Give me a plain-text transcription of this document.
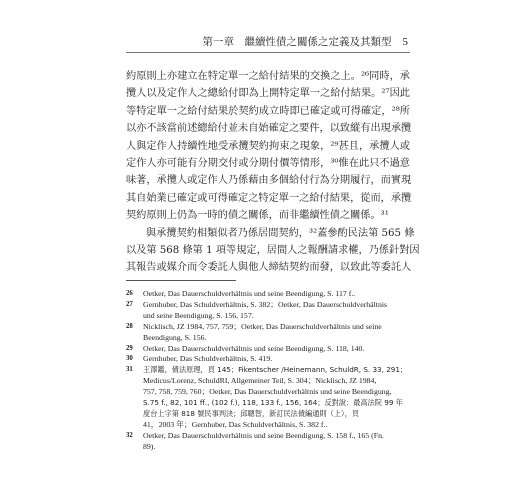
第一章　繼續性債之關係之定義及其類型 5
約原則上亦建立在特定單一之給付結果的交換之上。²⁶同時，承
攬人以及定作人之總給付即為上開特定單一之給付結果。²⁷因此
等特定單一之給付結果於契約成立時即已確定或可得確定，²⁸所
以亦不該當前述總給付並未自始確定之要件，以致縱有出現承攬
人與定作人持續性地受承攬契約拘束之現象，²⁹甚且，承攬人或
定作人亦可能有分期交付或分期付價等情形，³⁰惟在此只不過意
味著，承攬人或定作人乃係藉由多個給付行為分期履行，而實現
其自始業已確定或可得確定之特定單一之給付結果，從而，承攬
契約原則上仍為一時的債之關係，而非繼續性債之關係。³¹
與承攬契約相類似者乃係居間契約，³²蓋參酌民法第 565 條
以及第 568 條第 1 項等規定，居間人之報酬請求權，乃係針對因
其報告或媒介而令委託人與他人締結契約而發，以致此等委託人
26	Oetker, Das Dauerschuldverhältnis und seine Beendigung, S. 117 f..
27	Gernhuber, Das Schuldverhältnis, S. 382；Oetker, Das Dauerschuldverhältnis
und seine Beendigung, S. 156, 157.
28	Nicklisch, JZ 1984, 757, 759；Oetker, Das Dauerschuldverhältnis und seine
Beendigung, S. 156.
29	Oetker, Das Dauerschuldverhältnis und seine Beendigung, S. 118, 140.
30	Gernhuber, Das Schuldverhältnis, S. 419.
31	王澤鑑，債法原理，頁 145；Fikentscher /Heinemann, SchuldR, S. 33, 291；
Medicus/Lorenz, SchuldRI, Allgemeiner Teil, S. 304；Nicklisch, JZ 1984,
757, 758, 759, 760；Oetker, Das Dauerschuldverhältnis und seine Beendigung,
S.75 f., 82, 101 ff., (102 f.), 118, 133 f., 156, 164；反對說：最高法院 99 年
度台上字第 818 號民事判決；邱聰智，新訂民法債編通則（上），頁
41，2003 年；Gernhuber, Das Schuldverhältnis, S. 382 f..
32	Oetker, Das Dauerschuldverhältnis und seine Beendigung, S. 158 f., 165 (Fn.
89).
